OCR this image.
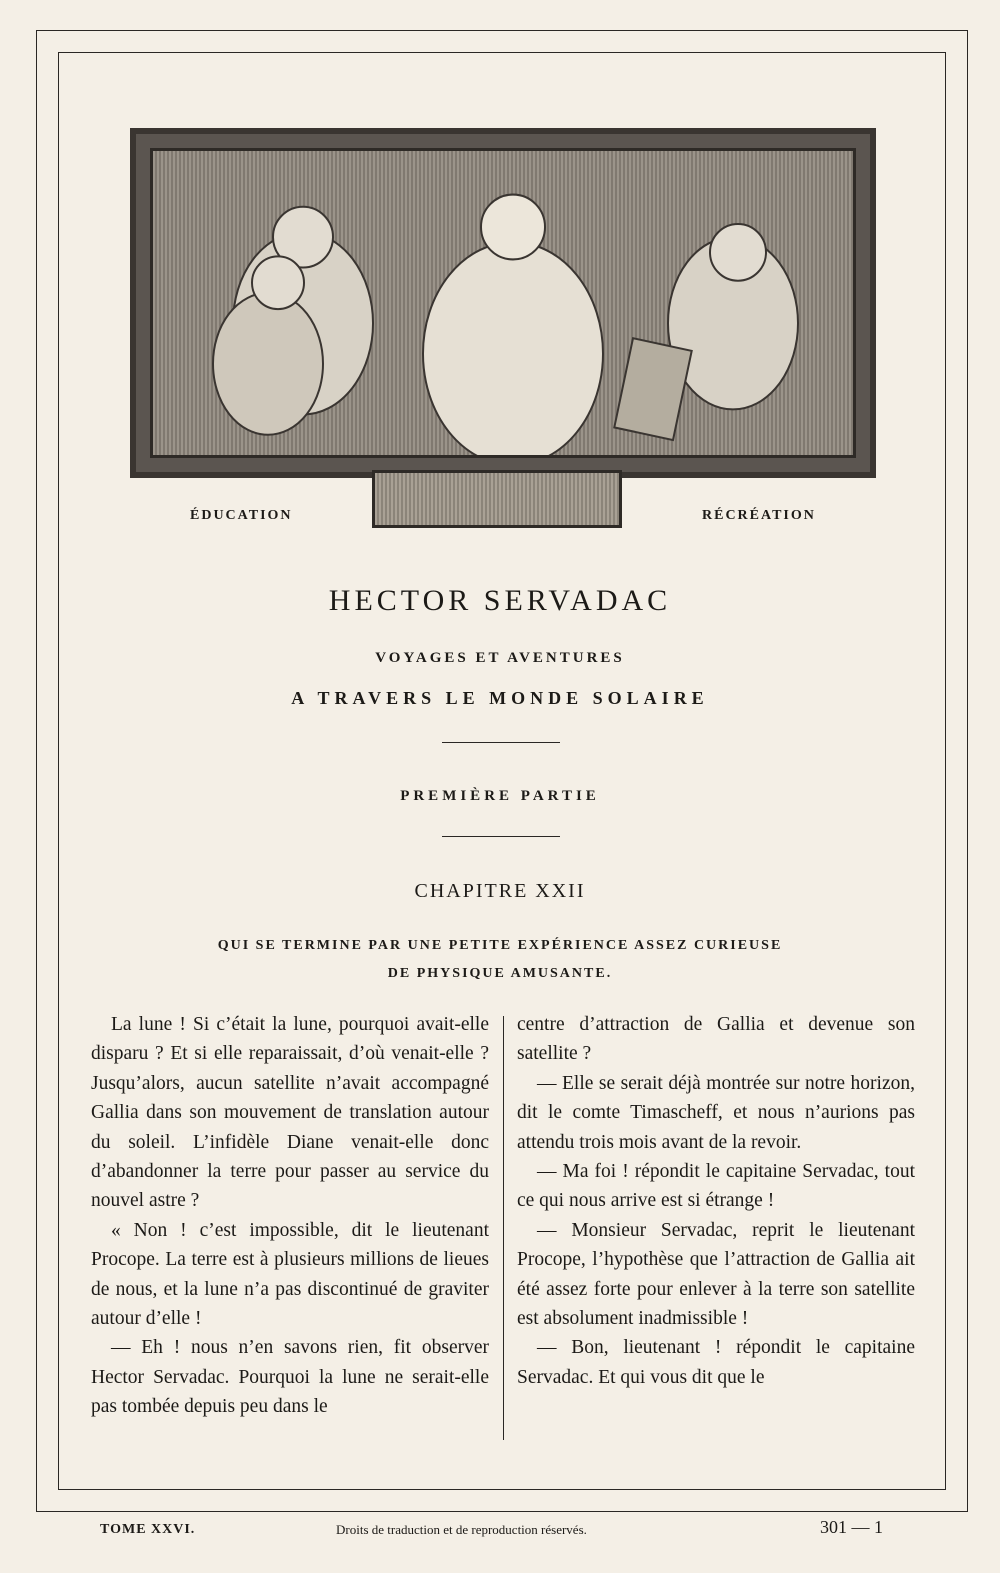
ÉDUCATION	RÉCRÉATION
HECTOR SERVADAC
VOYAGES ET AVENTURES
A TRAVERS LE MONDE SOLAIRE
PREMIÈRE PARTIE
CHAPITRE XXII
QUI SE TERMINE PAR UNE PETITE EXPÉRIENCE ASSEZ CURIEUSE
DE PHYSIQUE AMUSANTE.

La lune ! Si c’était la lune, pourquoi avait-elle disparu ? Et si elle reparaissait, d’où venait-elle ? Jusqu’alors, aucun satellite n’avait accompagné Gallia dans son mouvement de translation autour du soleil. L’infidèle Diane venait-elle donc d’abandonner la terre pour passer au service du nouvel astre ?

« Non ! c’est impossible, dit le lieutenant Procope. La terre est à plusieurs millions de lieues de nous, et la lune n’a pas discontinué de graviter autour d’elle !

— Eh ! nous n’en savons rien, fit observer Hector Servadac. Pourquoi la lune ne serait-elle pas tombée depuis peu dans le

centre d’attraction de Gallia et devenue son satellite ?

— Elle se serait déjà montrée sur notre horizon, dit le comte Timascheff, et nous n’aurions pas attendu trois mois avant de la revoir.

— Ma foi ! répondit le capitaine Servadac, tout ce qui nous arrive est si étrange !

— Monsieur Servadac, reprit le lieutenant Procope, l’hypothèse que l’attraction de Gallia ait été assez forte pour enlever à la terre son satellite est absolument inadmissible !

— Bon, lieutenant ! répondit le capitaine Servadac. Et qui vous dit que le

TOME XXVI.	Droits de traduction et de reproduction réservés.	301 — 1
